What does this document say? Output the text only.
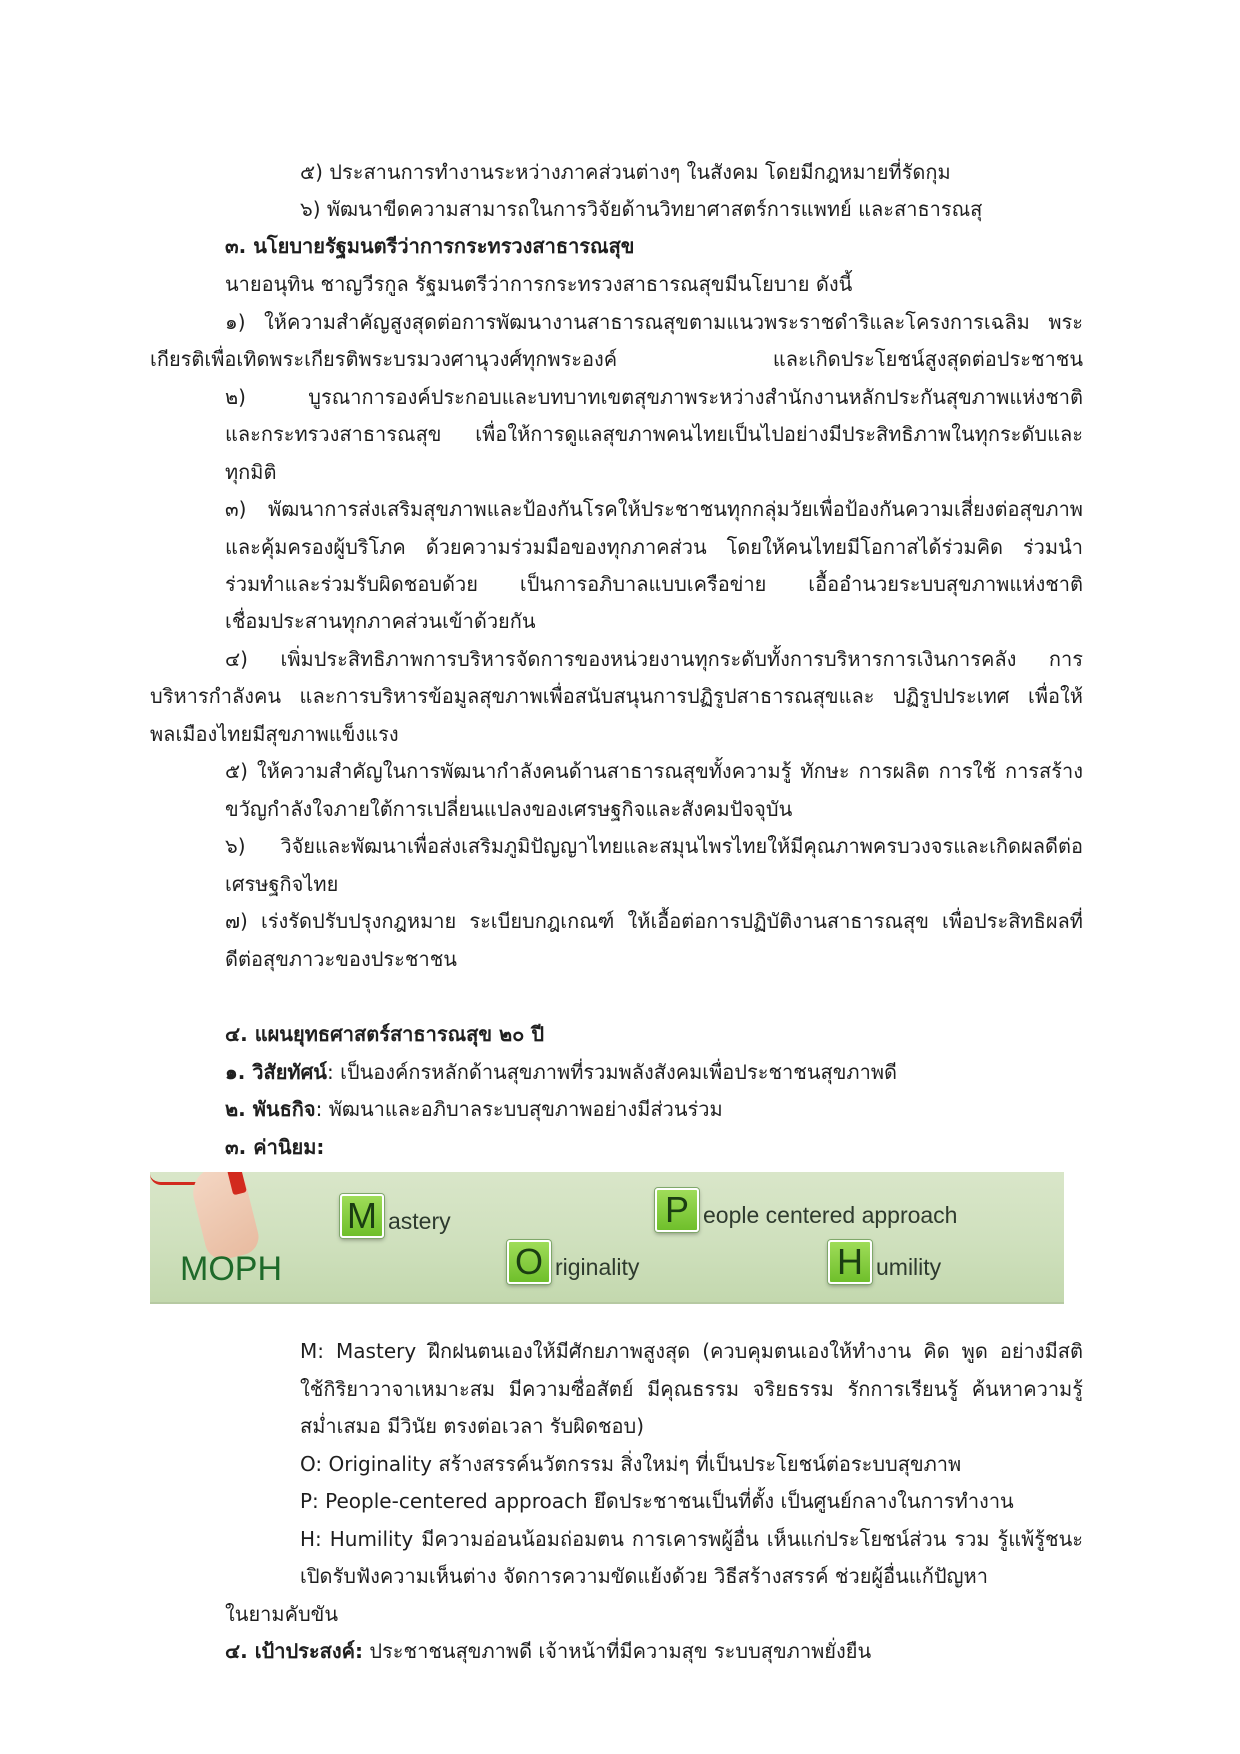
๕) ประสานการทำงานระหว่างภาคส่วนต่างๆ ในสังคม โดยมีกฎหมายที่รัดกุม
๖) พัฒนาขีดความสามารถในการวิจัยด้านวิทยาศาสตร์การแพทย์ และสาธารณสุ
๓. นโยบายรัฐมนตรีว่าการกระทรวงสาธารณสุข
นายอนุทิน ชาญวีรกูล รัฐมนตรีว่าการกระทรวงสาธารณสุขมีนโยบาย ดังนี้
๑) ให้ความสำคัญสูงสุดต่อการพัฒนางานสาธารณสุขตามแนวพระราชดำริและโครงการเฉลิม พระ
เกียรติเพื่อเทิดพระเกียรติพระบรมวงศานุวงศ์ทุกพระองค์ และเกิดประโยชน์สูงสุดต่อประชาชน
๒) บูรณาการองค์ประกอบและบทบาทเขตสุขภาพระหว่างสำนักงานหลักประกันสุขภาพแห่งชาติ
และกระทรวงสาธารณสุข เพื่อให้การดูแลสุขภาพคนไทยเป็นไปอย่างมีประสิทธิภาพในทุกระดับและ
ทุกมิติ
๓) พัฒนาการส่งเสริมสุขภาพและป้องกันโรคให้ประชาชนทุกกลุ่มวัยเพื่อป้องกันความเสี่ยงต่อสุขภาพ
และคุ้มครองผู้บริโภค ด้วยความร่วมมือของทุกภาคส่วน โดยให้คนไทยมีโอกาสได้ร่วมคิด ร่วมนำ
ร่วมทำและร่วมรับผิดชอบด้วย เป็นการอภิบาลแบบเครือข่าย เอื้ออำนวยระบบสุขภาพแห่งชาติ
เชื่อมประสานทุกภาคส่วนเข้าด้วยกัน
๔) เพิ่มประสิทธิภาพการบริหารจัดการของหน่วยงานทุกระดับทั้งการบริหารการเงินการคลัง การ
บริหารกำลังคน และการบริหารข้อมูลสุขภาพเพื่อสนับสนุนการปฏิรูปสาธารณสุขและ ปฏิรูปประเทศ เพื่อให้
พลเมืองไทยมีสุขภาพแข็งแรง
๕) ให้ความสำคัญในการพัฒนากำลังคนด้านสาธารณสุขทั้งความรู้ ทักษะ การผลิต การใช้ การสร้าง
ขวัญกำลังใจภายใต้การเปลี่ยนแปลงของเศรษฐกิจและสังคมปัจจุบัน
๖) วิจัยและพัฒนาเพื่อส่งเสริมภูมิปัญญาไทยและสมุนไพรไทยให้มีคุณภาพครบวงจรและเกิดผลดีต่อ
เศรษฐกิจไทย
๗) เร่งรัดปรับปรุงกฎหมาย ระเบียบกฎเกณฑ์ ให้เอื้อต่อการปฏิบัติงานสาธารณสุข เพื่อประสิทธิผลที่
ดีต่อสุขภาวะของประชาชน
๔. แผนยุทธศาสตร์สาธารณสุข ๒๐ ปี
๑. วิสัยทัศน์: เป็นองค์กรหลักด้านสุขภาพที่รวมพลังสังคมเพื่อประชาชนสุขภาพดี
๒. พันธกิจ: พัฒนาและอภิบาลระบบสุขภาพอย่างมีส่วนร่วม
๓. ค่านิยม:
MOPH
M astery	P eople centered approach
O riginality	H umility
M: Mastery ฝึกฝนตนเองให้มีศักยภาพสูงสุด (ควบคุมตนเองให้ทำงาน คิด พูด อย่างมีสติ
ใช้กิริยาวาจาเหมาะสม มีความซื่อสัตย์ มีคุณธรรม จริยธรรม รักการเรียนรู้ ค้นหาความรู้
สม่ำเสมอ มีวินัย ตรงต่อเวลา รับผิดชอบ)
O: Originality สร้างสรรค์นวัตกรรม สิ่งใหม่ๆ ที่เป็นประโยชน์ต่อระบบสุขภาพ
P: People-centered approach ยึดประชาชนเป็นที่ตั้ง เป็นศูนย์กลางในการทำงาน
H: Humility มีความอ่อนน้อมถ่อมตน การเคารพผู้อื่น เห็นแก่ประโยชน์ส่วน รวม รู้แพ้รู้ชนะ
เปิดรับฟังความเห็นต่าง จัดการความขัดแย้งด้วย วิธีสร้างสรรค์ ช่วยผู้อื่นแก้ปัญหา
ในยามคับขัน
๔. เป้าประสงค์: ประชาชนสุขภาพดี เจ้าหน้าที่มีความสุข ระบบสุขภาพยั่งยืน
